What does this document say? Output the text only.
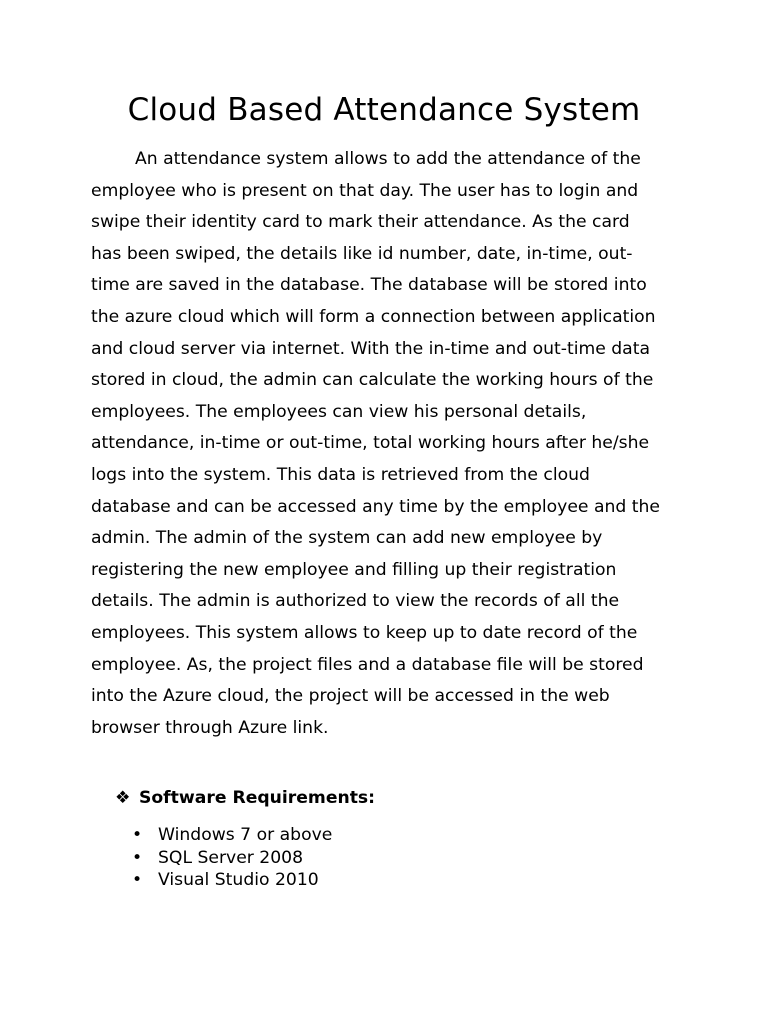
Cloud Based Attendance System

An attendance system allows to add the attendance of the
employee who is present on that day. The user has to login and
swipe their identity card to mark their attendance. As the card
has been swiped, the details like id number, date, in-time, out-
time are saved in the database. The database will be stored into
the azure cloud which will form a connection between application
and cloud server via internet. With the in-time and out-time data
stored in cloud, the admin can calculate the working hours of the
employees. The employees can view his personal details,
attendance, in-time or out-time, total working hours after he/she
logs into the system. This data is retrieved from the cloud
database and can be accessed any time by the employee and the
admin. The admin of the system can add new employee by
registering the new employee and filling up their registration
details. The admin is authorized to view the records of all the
employees. This system allows to keep up to date record of the
employee. As, the project files and a database file will be stored
into the Azure cloud, the project will be accessed in the web
browser through Azure link.

❖ Software Requirements:
• Windows 7 or above
• SQL Server 2008
• Visual Studio 2010
